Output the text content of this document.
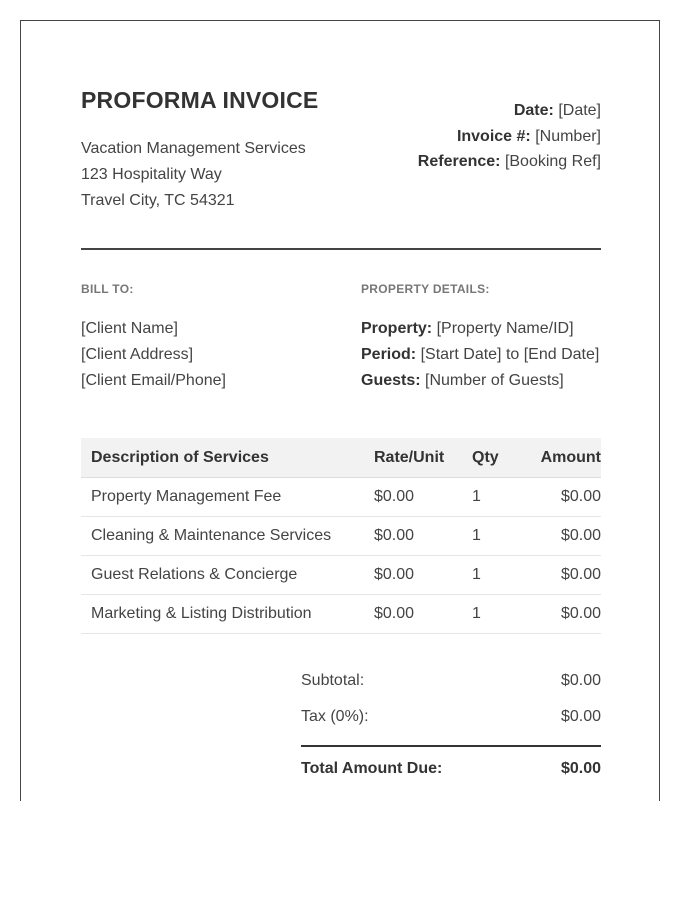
PROFORMA INVOICE
Vacation Management Services
123 Hospitality Way
Travel City, TC 54321
Date: [Date]
Invoice #: [Number]
Reference: [Booking Ref]
BILL TO:	PROPERTY DETAILS:
[Client Name]
[Client Address]
[Client Email/Phone]
Property: [Property Name/ID]
Period: [Start Date] to [End Date]
Guests: [Number of Guests]
Description of Services	Rate/Unit	Qty	Amount
Property Management Fee	$0.00	1	$0.00
Cleaning & Maintenance Services	$0.00	1	$0.00
Guest Relations & Concierge	$0.00	1	$0.00
Marketing & Listing Distribution	$0.00	1	$0.00
Subtotal:	$0.00
Tax (0%):	$0.00
Total Amount Due:	$0.00
